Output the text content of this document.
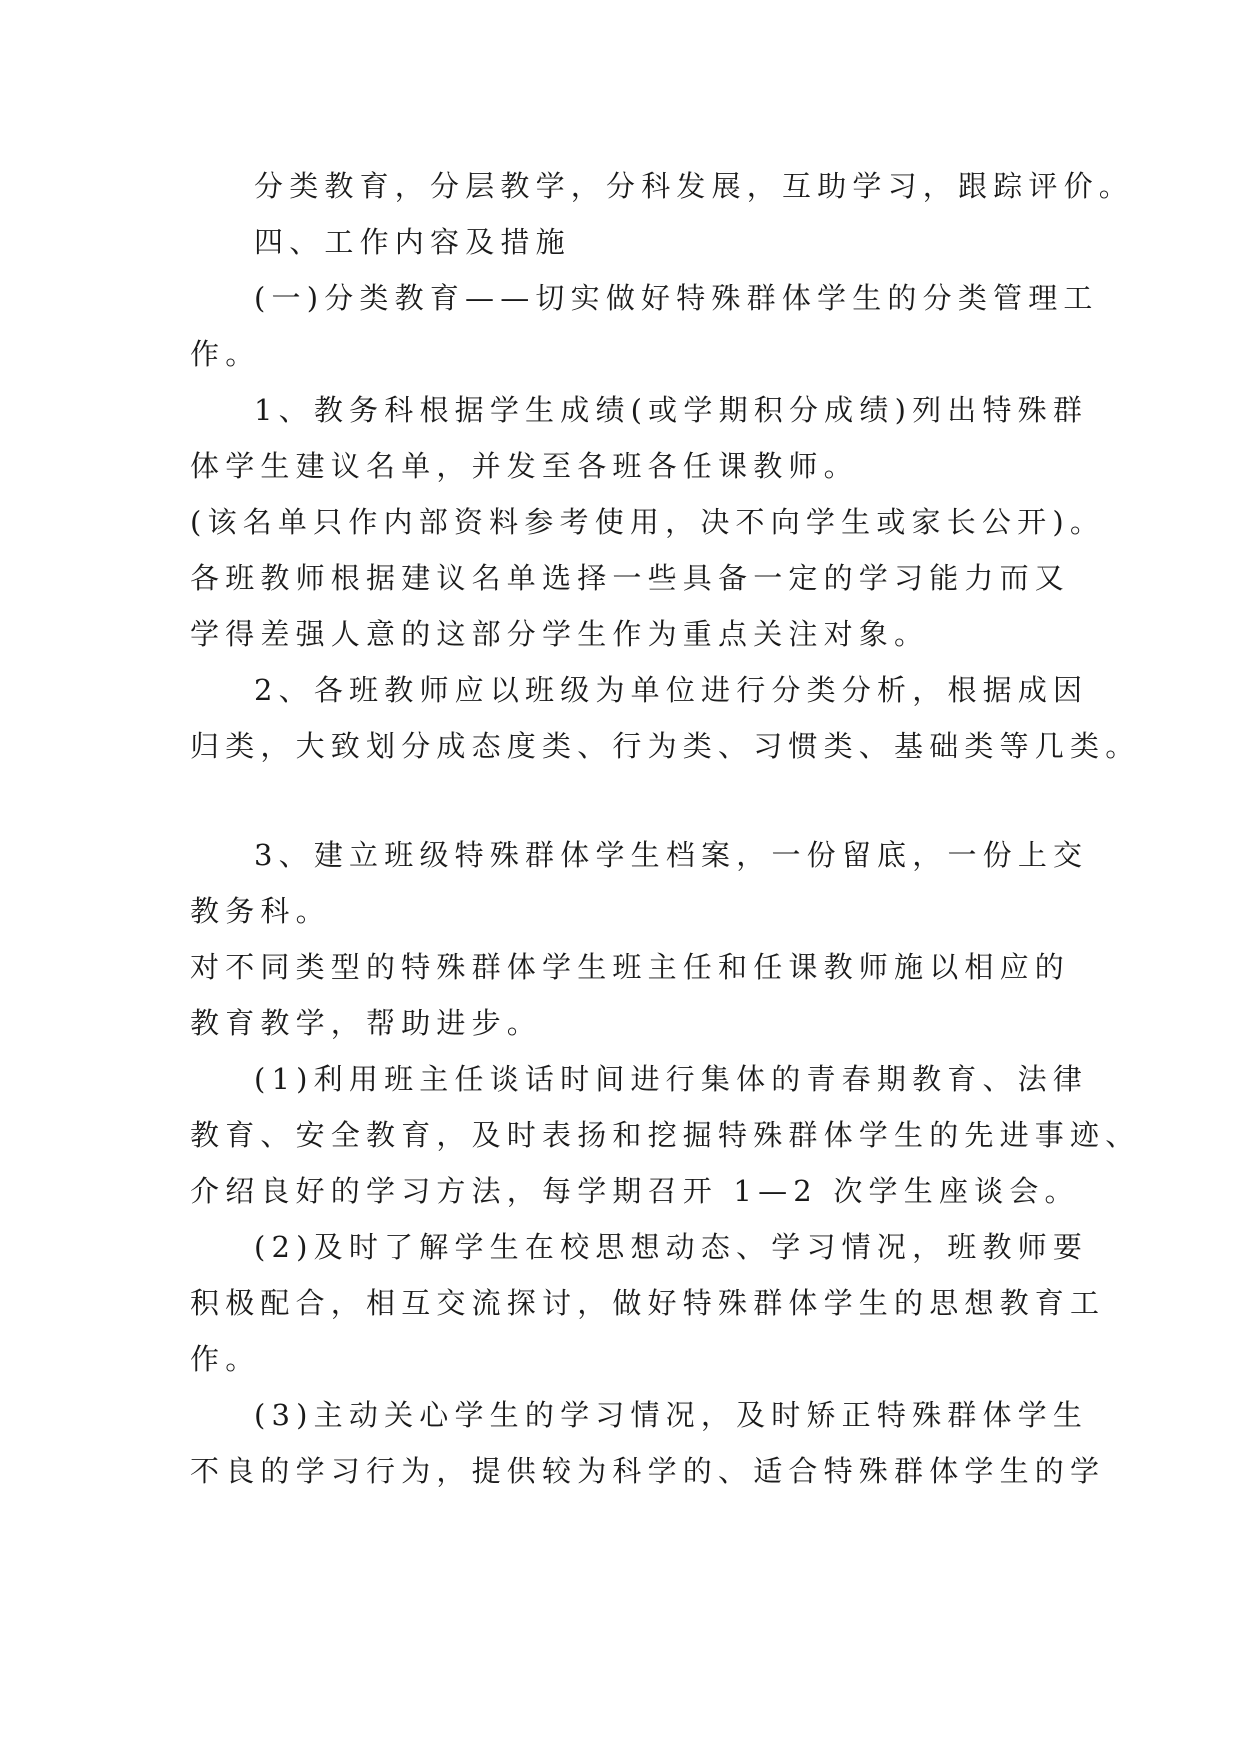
分类教育，分层教学，分科发展，互助学习，跟踪评价。
四、工作内容及措施
(一)分类教育——切实做好特殊群体学生的分类管理工
作。
1、教务科根据学生成绩(或学期积分成绩)列出特殊群
体学生建议名单，并发至各班各任课教师。
(该名单只作内部资料参考使用，决不向学生或家长公开)。
各班教师根据建议名单选择一些具备一定的学习能力而又
学得差强人意的这部分学生作为重点关注对象。
2、各班教师应以班级为单位进行分类分析，根据成因
归类，大致划分成态度类、行为类、习惯类、基础类等几类。
3、建立班级特殊群体学生档案，一份留底，一份上交
教务科。
对不同类型的特殊群体学生班主任和任课教师施以相应的
教育教学，帮助进步。
(1)利用班主任谈话时间进行集体的青春期教育、法律
教育、安全教育，及时表扬和挖掘特殊群体学生的先进事迹、
介绍良好的学习方法，每学期召开 1—2 次学生座谈会。
(2)及时了解学生在校思想动态、学习情况，班教师要
积极配合，相互交流探讨，做好特殊群体学生的思想教育工
作。
(3)主动关心学生的学习情况，及时矫正特殊群体学生
不良的学习行为，提供较为科学的、适合特殊群体学生的学
